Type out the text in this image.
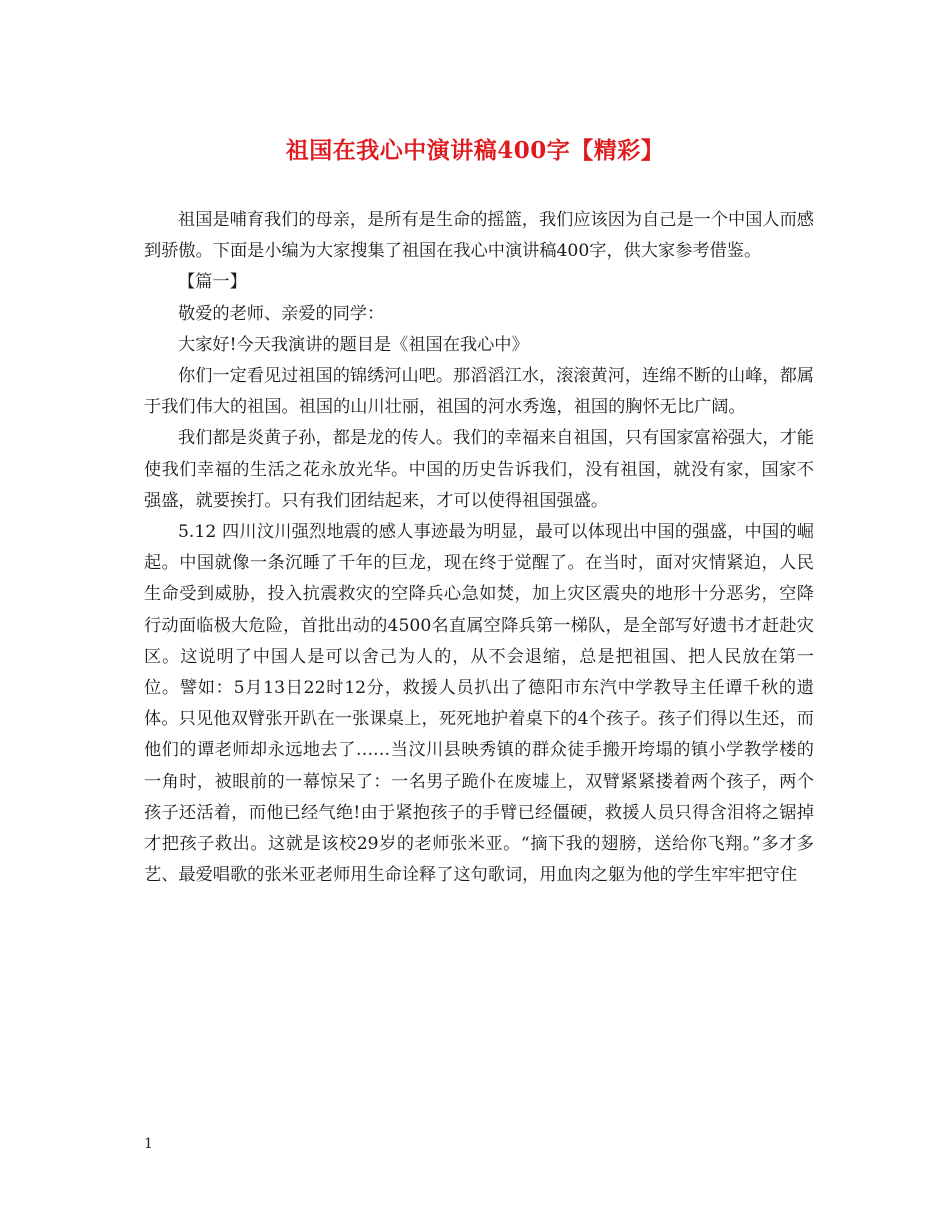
祖国在我心中演讲稿400字【精彩】

祖国是哺育我们的母亲，是所有是生命的摇篮，我们应该因为自己是一个中国人而感到骄傲。下面是小编为大家搜集了祖国在我心中演讲稿400字，供大家参考借鉴。

【篇一】

敬爱的老师、亲爱的同学：

大家好!今天我演讲的题目是《祖国在我心中》

你们一定看见过祖国的锦绣河山吧。那滔滔江水，滚滚黄河，连绵不断的山峰，都属于我们伟大的祖国。祖国的山川壮丽，祖国的河水秀逸，祖国的胸怀无比广阔。

我们都是炎黄子孙，都是龙的传人。我们的幸福来自祖国，只有国家富裕强大，才能使我们幸福的生活之花永放光华。中国的历史告诉我们，没有祖国，就没有家，国家不强盛，就要挨打。只有我们团结起来，才可以使得祖国强盛。

5.12 四川汶川强烈地震的感人事迹最为明显，最可以体现出中国的强盛，中国的崛起。中国就像一条沉睡了千年的巨龙，现在终于觉醒了。在当时，面对灾情紧迫，人民生命受到威胁，投入抗震救灾的空降兵心急如焚，加上灾区震央的地形十分恶劣，空降行动面临极大危险，首批出动的4500名直属空降兵第一梯队，是全部写好遗书才赶赴灾区。这说明了中国人是可以舍己为人的，从不会退缩，总是把祖国、把人民放在第一位。譬如：5月13日22时12分，救援人员扒出了德阳市东汽中学教导主任谭千秋的遗体。只见他双臂张开趴在一张课桌上，死死地护着桌下的4个孩子。孩子们得以生还，而他们的谭老师却永远地去了……当汶川县映秀镇的群众徒手搬开垮塌的镇小学教学楼的一角时，被眼前的一幕惊呆了：一名男子跪仆在废墟上，双臂紧紧搂着两个孩子，两个孩子还活着，而他已经气绝!由于紧抱孩子的手臂已经僵硬，救援人员只得含泪将之锯掉才把孩子救出。这就是该校29岁的老师张米亚。“摘下我的翅膀，送给你飞翔。”多才多艺、最爱唱歌的张米亚老师用生命诠释了这句歌词，用血肉之躯为他的学生牢牢把守住

1
